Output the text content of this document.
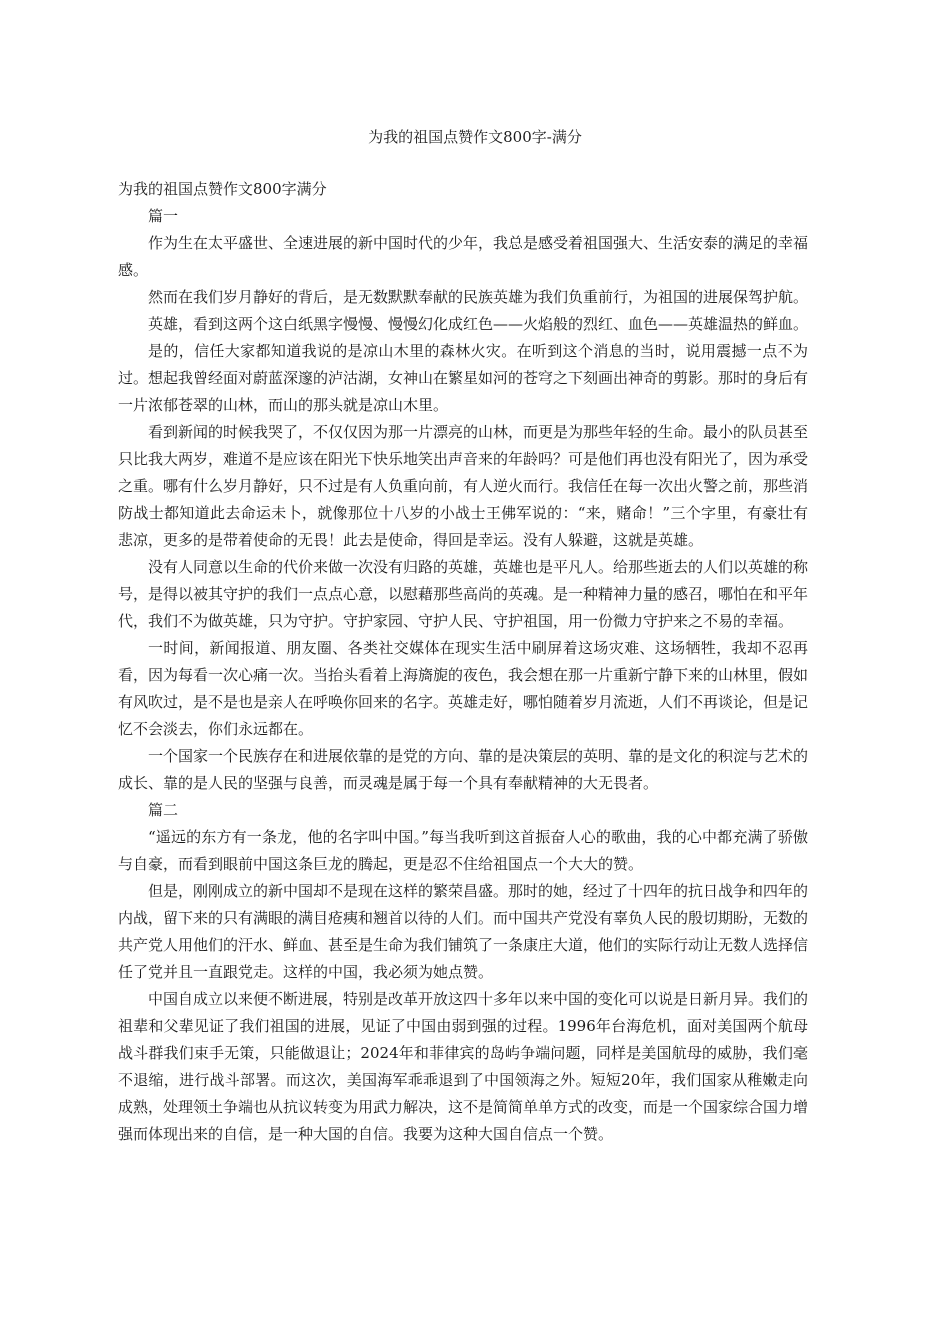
为我的祖国点赞作文800字-满分

为我的祖国点赞作文800字满分

篇一

作为生在太平盛世、全速进展的新中国时代的少年，我总是感受着祖国强大、生活安泰的满足的幸福感。

然而在我们岁月静好的背后，是无数默默奉献的民族英雄为我们负重前行，为祖国的进展保驾护航。

英雄，看到这两个这白纸黑字慢慢、慢慢幻化成红色——火焰般的烈红、血色——英雄温热的鲜血。

是的，信任大家都知道我说的是凉山木里的森林火灾。在听到这个消息的当时，说用震撼一点不为过。想起我曾经面对蔚蓝深邃的泸沽湖，女神山在繁星如河的苍穹之下刻画出神奇的剪影。那时的身后有一片浓郁苍翠的山林，而山的那头就是凉山木里。

看到新闻的时候我哭了，不仅仅因为那一片漂亮的山林，而更是为那些年轻的生命。最小的队员甚至只比我大两岁，难道不是应该在阳光下快乐地笑出声音来的年龄吗？可是他们再也没有阳光了，因为承受之重。哪有什么岁月静好，只不过是有人负重向前，有人逆火而行。我信任在每一次出火警之前，那些消防战士都知道此去命运未卜，就像那位十八岁的小战士王佛军说的：“来，赌命！”三个字里，有豪壮有悲凉，更多的是带着使命的无畏！此去是使命，得回是幸运。没有人躲避，这就是英雄。

没有人同意以生命的代价来做一次没有归路的英雄，英雄也是平凡人。给那些逝去的人们以英雄的称号，是得以被其守护的我们一点点心意，以慰藉那些高尚的英魂。是一种精神力量的感召，哪怕在和平年代，我们不为做英雄，只为守护。守护家园、守护人民、守护祖国，用一份微力守护来之不易的幸福。

一时间，新闻报道、朋友圈、各类社交媒体在现实生活中刷屏着这场灾难、这场牺牲，我却不忍再看，因为每看一次心痛一次。当抬头看着上海旖旎的夜色，我会想在那一片重新宁静下来的山林里，假如有风吹过，是不是也是亲人在呼唤你回来的名字。英雄走好，哪怕随着岁月流逝，人们不再谈论，但是记忆不会淡去，你们永远都在。

一个国家一个民族存在和进展依靠的是党的方向、靠的是决策层的英明、靠的是文化的积淀与艺术的成长、靠的是人民的坚强与良善，而灵魂是属于每一个具有奉献精神的大无畏者。

篇二

“遥远的东方有一条龙，他的名字叫中国。”每当我听到这首振奋人心的歌曲，我的心中都充满了骄傲与自豪，而看到眼前中国这条巨龙的腾起，更是忍不住给祖国点一个大大的赞。

但是，刚刚成立的新中国却不是现在这样的繁荣昌盛。那时的她，经过了十四年的抗日战争和四年的内战，留下来的只有满眼的满目疮痍和翘首以待的人们。而中国共产党没有辜负人民的殷切期盼，无数的共产党人用他们的汗水、鲜血、甚至是生命为我们铺筑了一条康庄大道，他们的实际行动让无数人选择信任了党并且一直跟党走。这样的中国，我必须为她点赞。

中国自成立以来便不断进展，特别是改革开放这四十多年以来中国的变化可以说是日新月异。我们的祖辈和父辈见证了我们祖国的进展，见证了中国由弱到强的过程。1996年台海危机，面对美国两个航母战斗群我们束手无策，只能做退让；2024年和菲律宾的岛屿争端问题，同样是美国航母的威胁，我们毫不退缩，进行战斗部署。而这次，美国海军乖乖退到了中国领海之外。短短20年，我们国家从稚嫩走向成熟，处理领土争端也从抗议转变为用武力解决，这不是简简单单方式的改变，而是一个国家综合国力增强而体现出来的自信，是一种大国的自信。我要为这种大国自信点一个赞。
